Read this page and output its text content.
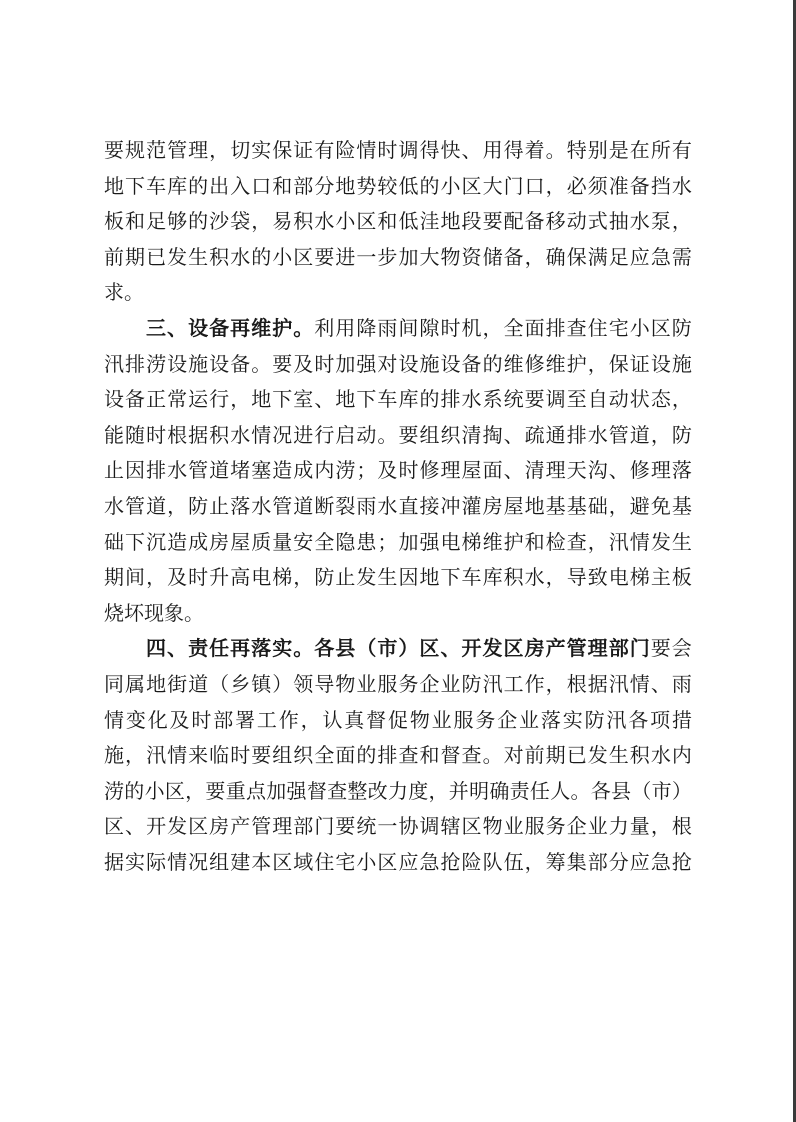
要 规 范 管 理 ， 切 实 保 证 有 险 情 时 调 得 快 、 用 得 着 。 特 别 是 在 所 有
地 下 车 库 的 出 入 口 和 部 分 地 势 较 低 的 小 区 大 门 口 ， 必 须 准 备 挡 水
板 和 足 够 的 沙 袋 ， 易 积 水 小 区 和 低 洼 地 段 要 配 备 移 动 式 抽 水 泵 ，
前 期 已 发 生 积 水 的 小 区 要 进 一 步 加 大 物 资 储 备 ， 确 保 满 足 应 急 需
求。
三 、 设 备 再 维 护 。 利 用 降 雨 间 隙 时 机 ， 全 面 排 查 住 宅 小 区 防
汛 排 涝 设 施 设 备 。 要 及 时 加 强 对 设 施 设 备 的 维 修 维 护 ， 保 证 设 施
设 备 正 常 运 行 ， 地 下 室 、 地 下 车 库 的 排 水 系 统 要 调 至 自 动 状 态 ，
能 随 时 根 据 积 水 情 况 进 行 启 动 。 要 组 织 清 掏 、 疏 通 排 水 管 道 ， 防
止 因 排 水 管 道 堵 塞 造 成 内 涝 ； 及 时 修 理 屋 面 、 清 理 天 沟 、 修 理 落
水 管 道 ， 防 止 落 水 管 道 断 裂 雨 水 直 接 冲 灌 房 屋 地 基 基 础 ， 避 免 基
础 下 沉 造 成 房 屋 质 量 安 全 隐 患 ； 加 强 电 梯 维 护 和 检 查 ， 汛 情 发 生
期 间 ， 及 时 升 高 电 梯 ， 防 止 发 生 因 地 下 车 库 积 水 ， 导 致 电 梯 主 板
烧坏现象。
四 、 责 任 再 落 实 。 各 县 （ 市 ） 区 、 开 发 区 房 产 管 理 部 门 要 会
同 属 地 街 道 （ 乡 镇 ） 领 导 物 业 服 务 企 业 防 汛 工 作 ， 根 据 汛 情 、 雨
情 变 化 及 时 部 署 工 作 ， 认 真 督 促 物 业 服 务 企 业 落 实 防 汛 各 项 措
施 ， 汛 情 来 临 时 要 组 织 全 面 的 排 查 和 督 查 。 对 前 期 已 发 生 积 水 内
涝 的 小 区 ， 要 重 点 加 强 督 查 整 改 力 度 ， 并 明 确 责 任 人 。 各 县 （ 市 ）
区 、 开 发 区 房 产 管 理 部 门 要 统 一 协 调 辖 区 物 业 服 务 企 业 力 量 ， 根
据 实 际 情 况 组 建 本 区 域 住 宅 小 区 应 急 抢 险 队 伍 ， 筹 集 部 分 应 急 抢
